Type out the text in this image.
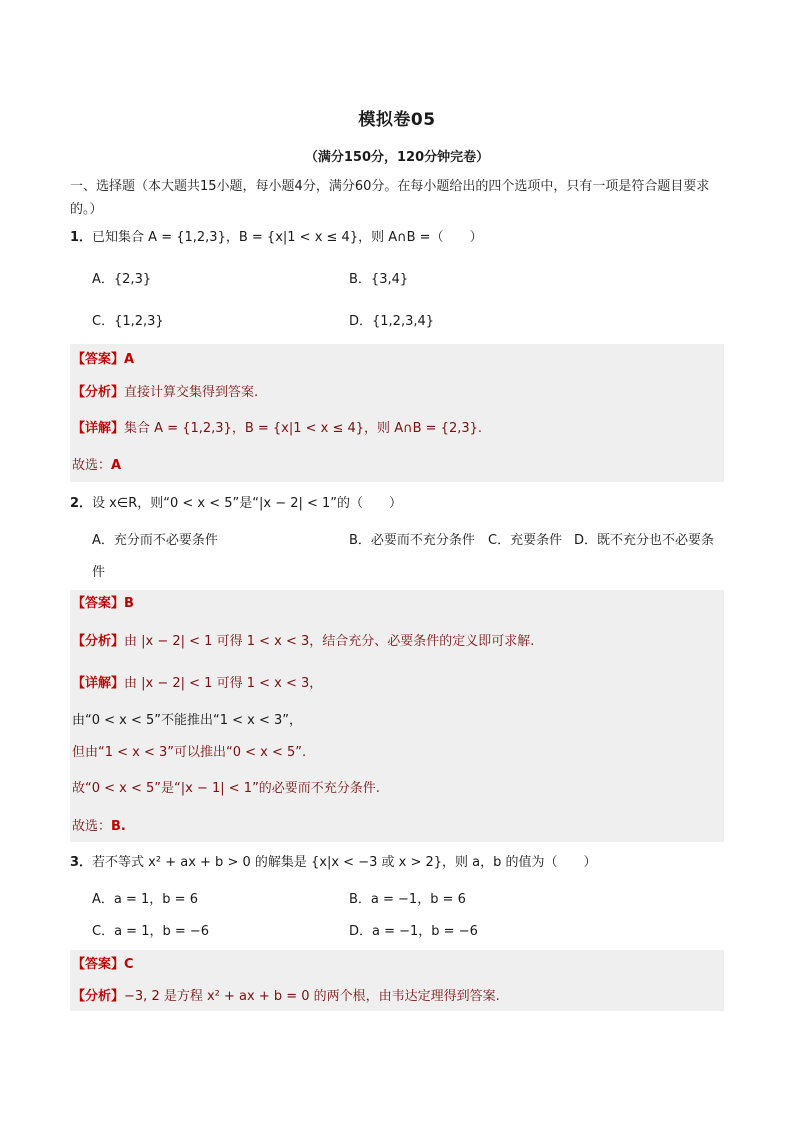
模拟卷05
（满分150分，120分钟完卷）
一、选择题（本大题共15小题，每小题4分，满分60分。在每小题给出的四个选项中，只有一项是符合题目要求的。）
1．已知集合 A = {1,2,3}，B = {x|1 < x ≤ 4}，则 A∩B =（　　）
A．{2,3}	B．{3,4}
C．{1,2,3}	D．{1,2,3,4}
【答案】A
【分析】直接计算交集得到答案.
【详解】集合 A = {1,2,3}，B = {x|1 < x ≤ 4}，则 A∩B = {2,3}.
故选：A
2．设 x∈R，则“0 < x < 5”是“|x − 2| < 1”的（　　）
A．充分而不必要条件	B．必要而不充分条件 C．充要条件 D．既不充分也不必要条
件
【答案】B
【分析】由 |x − 2| < 1 可得 1 < x < 3，结合充分、必要条件的定义即可求解.
【详解】由 |x − 2| < 1 可得 1 < x < 3，
由“0 < x < 5”不能推出“1 < x < 3”，
但由“1 < x < 3”可以推出“0 < x < 5”.
故“0 < x < 5”是“|x − 1| < 1”的必要而不充分条件.
故选：B.
3．若不等式 x² + ax + b > 0 的解集是 {x|x < −3 或 x > 2}，则 a，b 的值为（　　）
A．a = 1，b = 6	B．a = −1，b = 6
C．a = 1，b = −6	D．a = −1，b = −6
【答案】C
【分析】−3, 2 是方程 x² + ax + b = 0 的两个根，由韦达定理得到答案.
